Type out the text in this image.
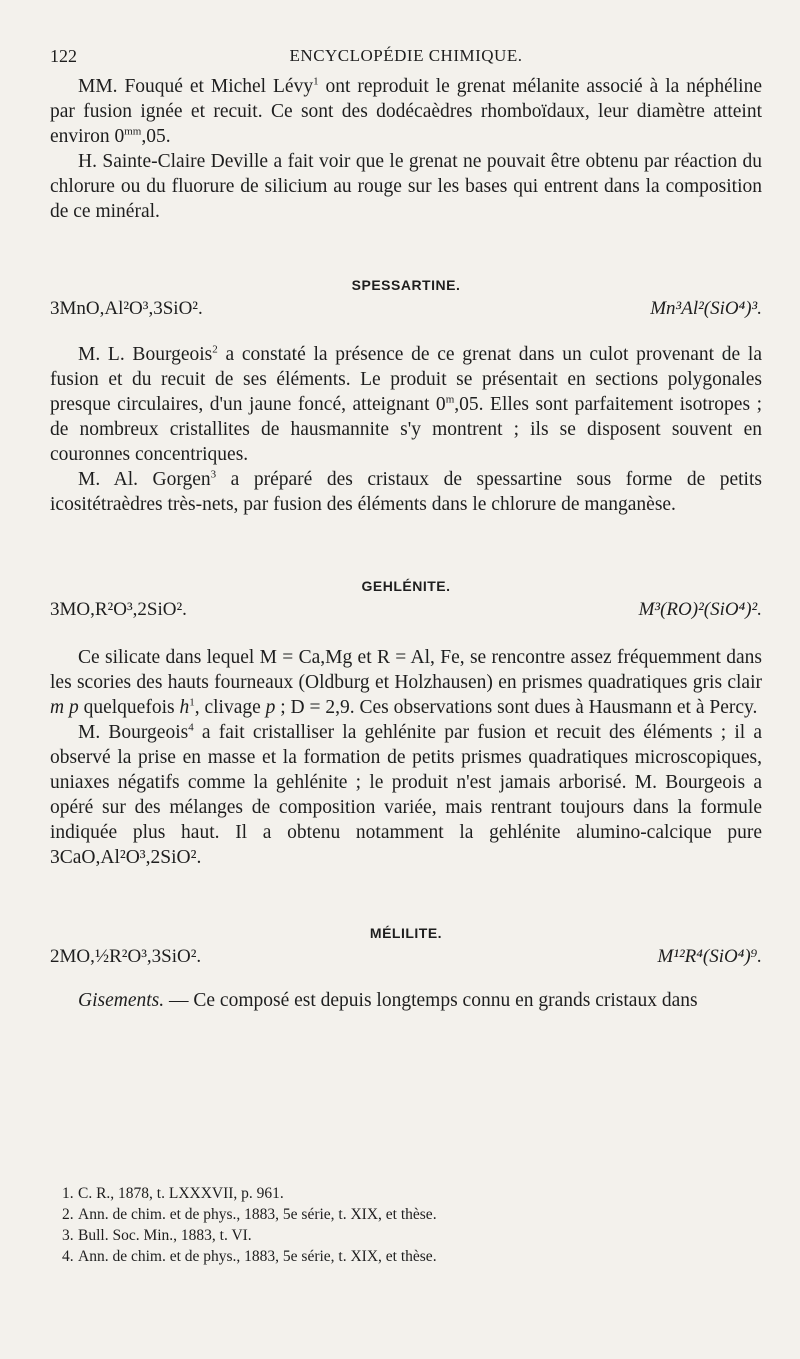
122	ENCYCLOPÉDIE CHIMIQUE.

MM. Fouqué et Michel Lévy$^1$ ont reproduit le grenat mélanite associé à la néphéline par fusion ignée et recuit. Ce sont des dodécaèdres rhomboïdaux, leur diamètre atteint environ $0^{mm},05$.

H. Sainte-Claire Deville a fait voir que le grenat ne pouvait être obtenu par réaction du chlorure ou du fluorure de silicium au rouge sur les bases qui entrent dans la composition de ce minéral.

SPESSARTINE.
3MnO,Al²O³,3SiO².	Mn³Al²(SiO⁴)³.

M. L. Bourgeois$^2$ a constaté la présence de ce grenat dans un culot provenant de la fusion et du recuit de ses éléments. Le produit se présentait en sections polygonales presque circulaires, d'un jaune foncé, atteignant 0$^m$,05. Elles sont parfaitement isotropes ; de nombreux cristallites de hausmannite s'y montrent ; ils se disposent souvent en couronnes concentriques.

M. Al. Gorgen$^3$ a préparé des cristaux de spessartine sous forme de petits icositétraèdres très-nets, par fusion des éléments dans le chlorure de manganèse.

GEHLÉNITE.
3MO,R²O³,2SiO².	M³(RO)²(SiO⁴)².

Ce silicate dans lequel M = Ca,Mg et R = Al, Fe, se rencontre assez fréquemment dans les scories des hauts fourneaux (Oldburg et Holzhausen) en prismes quadratiques gris clair m p quelquefois $h^1$, clivage p ; D = 2,9. Ces observations sont dues à Hausmann et à Percy.

M. Bourgeois$^4$ a fait cristalliser la gehlénite par fusion et recuit des éléments ; il a observé la prise en masse et la formation de petits prismes quadratiques microscopiques, uniaxes négatifs comme la gehlénite ; le produit n'est jamais arborisé. M. Bourgeois a opéré sur des mélanges de composition variée, mais rentrant toujours dans la formule indiquée plus haut. Il a obtenu notamment la gehlénite alumino-calcique pure 3CaO,Al²O³,2SiO².

MÉLILITE.
2MO,½R²O³,3SiO².	M¹²R⁴(SiO⁴)⁹.

Gisements. — Ce composé est depuis longtemps connu en grands cristaux dans

1. C. R., 1878, t. LXXXVII, p. 961.
2. Ann. de chim. et de phys., 1883, 5e série, t. XIX, et thèse.
3. Bull. Soc. Min., 1883, t. VI.
4. Ann. de chim. et de phys., 1883, 5e série, t. XIX, et thèse.
